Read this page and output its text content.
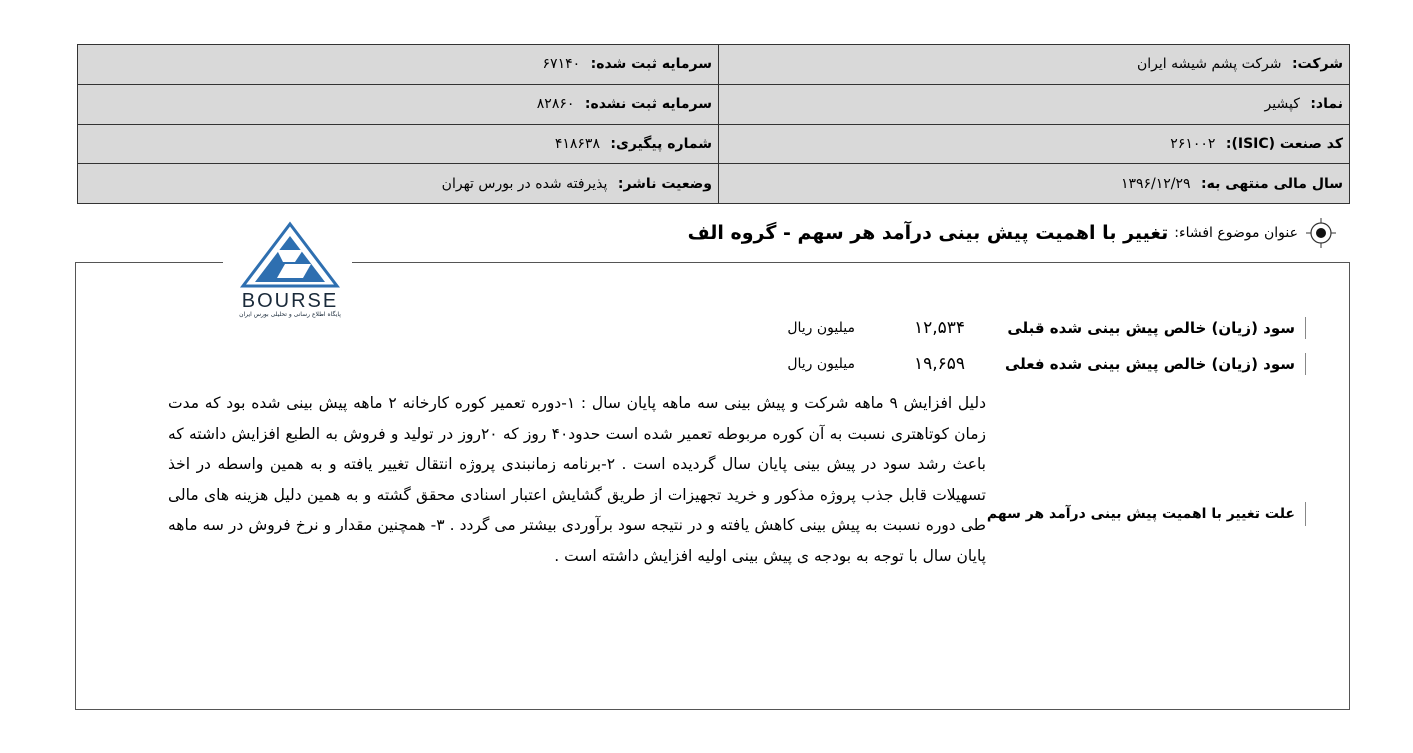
شرکت: شرکت پشم شیشه ایران	سرمایه ثبت شده: ۶۷۱۴۰
نماد: کپشیر	سرمایه ثبت نشده: ۸۲۸۶۰
کد صنعت (ISIC): ۲۶۱۰۰۲	شماره پیگیری: ۴۱۸۶۳۸
سال مالی منتهی به: ۱۳۹۶/۱۲/۲۹	وضعیت ناشر: پذیرفته شده در بورس تهران
عنوان موضوع افشاء:
تغییر با اهمیت پیش بینی درآمد هر سهم - گروه الف
BOURSE
پایگاه اطلاع رسانی و تحلیلی بورس ایران
سود (زیان) خالص پیش بینی شده قبلی
۱۲,۵۳۴
میلیون ریال
سود (زیان) خالص پیش بینی شده فعلی
۱۹,۶۵۹
میلیون ریال
علت تغییر با اهمیت پیش بینی درآمد هر سهم
دلیل افزایش ۹ ماهه شرکت و پیش بینی سه ماهه پایان سال : ۱-دوره تعمیر کوره کارخانه ۲ ماهه پیش بینی شده بود که مدت زمان کوتاهتری نسبت به آن کوره مربوطه تعمیر شده است حدود۴۰ روز که ۲۰روز در تولید و فروش به الطبع افزایش داشته که باعث رشد سود در پیش بینی پایان سال گردیده است . ۲-برنامه زمانبندی پروژه انتقال تغییر یافته و به همین واسطه در اخذ تسهیلات قابل جذب پروژه مذکور و خرید تجهیزات از طریق گشایش اعتبار اسنادی محقق گشته و به همین دلیل هزینه های مالی طی دوره نسبت به پیش بینی کاهش یافته و در نتیجه سود برآوردی بیشتر می گردد . ۳- همچنین مقدار و نرخ فروش در سه ماهه پایان سال با توجه به بودجه ی پیش بینی اولیه افزایش داشته است .
